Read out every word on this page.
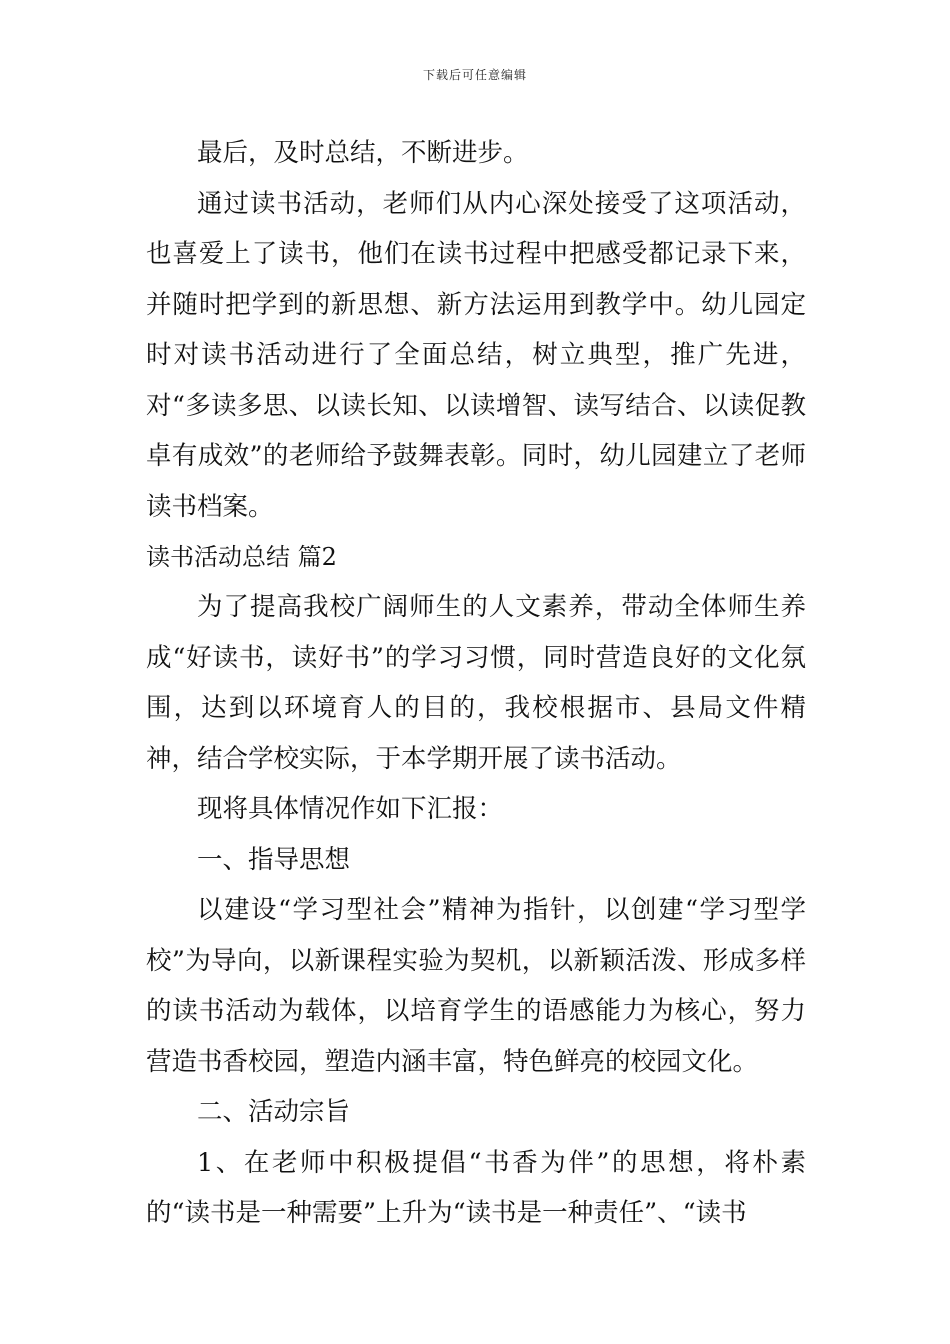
下载后可任意编辑

最后，及时总结，不断进步。

通过读书活动，老师们从内心深处接受了这项活动，也喜爱上了读书，他们在读书过程中把感受都记录下来，并随时把学到的新思想、新方法运用到教学中。幼儿园定时对读书活动进行了全面总结，树立典型，推广先进，对“多读多思、以读长知、以读增智、读写结合、以读促教卓有成效”的老师给予鼓舞表彰。同时，幼儿园建立了老师读书档案。

读书活动总结 篇2

为了提高我校广阔师生的人文素养，带动全体师生养成“好读书，读好书”的学习习惯，同时营造良好的文化氛围，达到以环境育人的目的，我校根据市、县局文件精神，结合学校实际，于本学期开展了读书活动。

现将具体情况作如下汇报：

一、指导思想

以建设“学习型社会”精神为指针，以创建“学习型学校”为导向，以新课程实验为契机，以新颖活泼、形成多样的读书活动为载体，以培育学生的语感能力为核心，努力营造书香校园，塑造内涵丰富，特色鲜亮的校园文化。

二、活动宗旨

1、在老师中积极提倡“书香为伴”的思想，将朴素的“读书是一种需要”上升为“读书是一种责任”、“读书
